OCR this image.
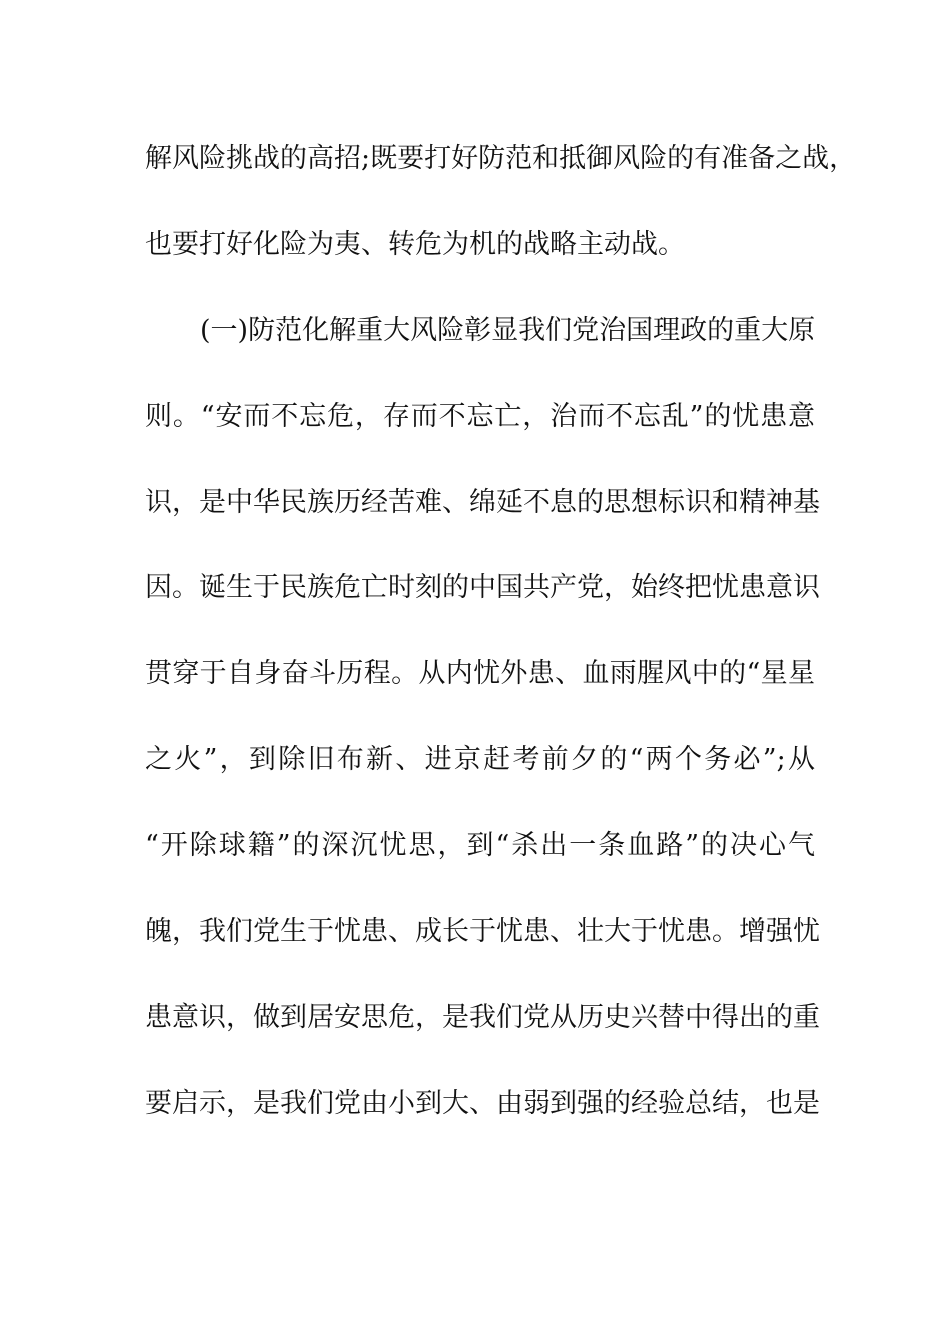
解风险挑战的高招;既要打好防范和抵御风险的有准备之战，
也要打好化险为夷、转危为机的战略主动战。
(一)防范化解重大风险彰显我们党治国理政的重大原
则。“安而不忘危，存而不忘亡，治而不忘乱”的忧患意
识，是中华民族历经苦难、绵延不息的思想标识和精神基
因。诞生于民族危亡时刻的中国共产党，始终把忧患意识
贯穿于自身奋斗历程。从内忧外患、血雨腥风中的“星星
之火”，到除旧布新、进京赶考前夕的“两个务必”;从
“开除球籍”的深沉忧思，到“杀出一条血路”的决心气
魄，我们党生于忧患、成长于忧患、壮大于忧患。增强忧
患意识，做到居安思危，是我们党从历史兴替中得出的重
要启示，是我们党由小到大、由弱到强的经验总结，也是
